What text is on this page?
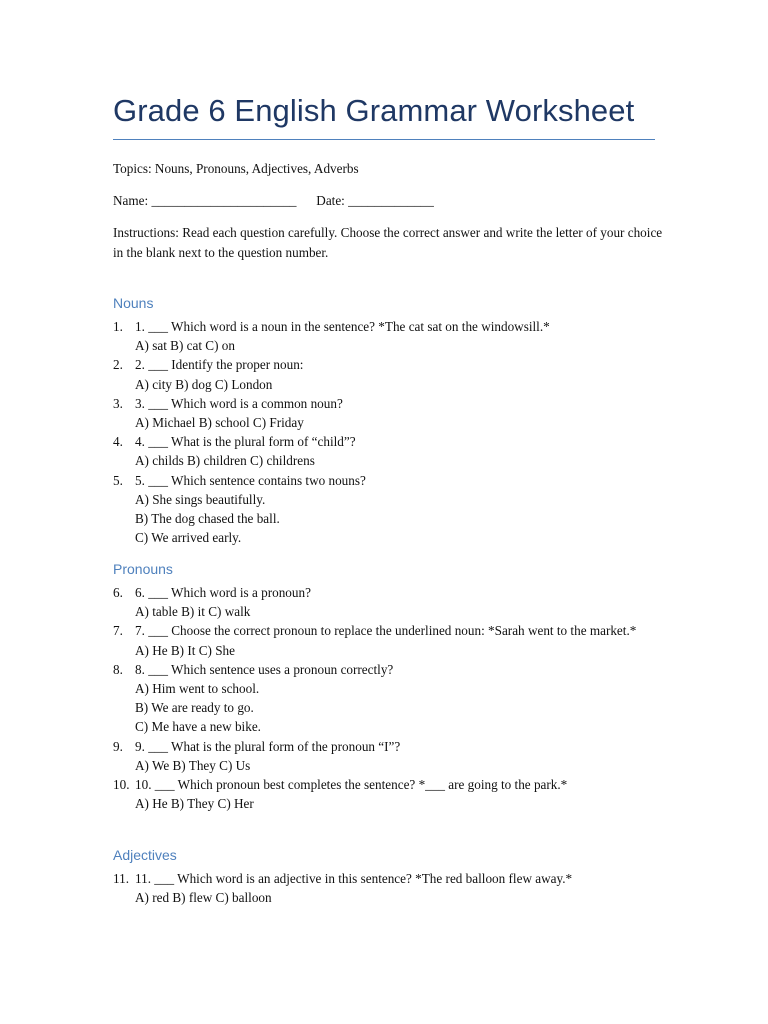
Grade 6 English Grammar Worksheet
Topics: Nouns, Pronouns, Adjectives, Adverbs
Name: ______________________      Date: _____________
Instructions: Read each question carefully. Choose the correct answer and write the letter of your choice in the blank next to the question number.
Nouns
1. 1. ___ Which word is a noun in the sentence? *The cat sat on the windowsill.*
A) sat B) cat C) on
2. 2. ___ Identify the proper noun:
A) city B) dog C) London
3. 3. ___ Which word is a common noun?
A) Michael B) school C) Friday
4. 4. ___ What is the plural form of “child”?
A) childs B) children C) childrens
5. 5. ___ Which sentence contains two nouns?
A) She sings beautifully.
B) The dog chased the ball.
C) We arrived early.
Pronouns
6. 6. ___ Which word is a pronoun?
A) table B) it C) walk
7. 7. ___ Choose the correct pronoun to replace the underlined noun: *Sarah went to the market.*
A) He B) It C) She
8. 8. ___ Which sentence uses a pronoun correctly?
A) Him went to school.
B) We are ready to go.
C) Me have a new bike.
9. 9. ___ What is the plural form of the pronoun “I”?
A) We B) They C) Us
10. 10. ___ Which pronoun best completes the sentence? *___ are going to the park.*
A) He B) They C) Her
Adjectives
11. 11. ___ Which word is an adjective in this sentence? *The red balloon flew away.*
A) red B) flew C) balloon
